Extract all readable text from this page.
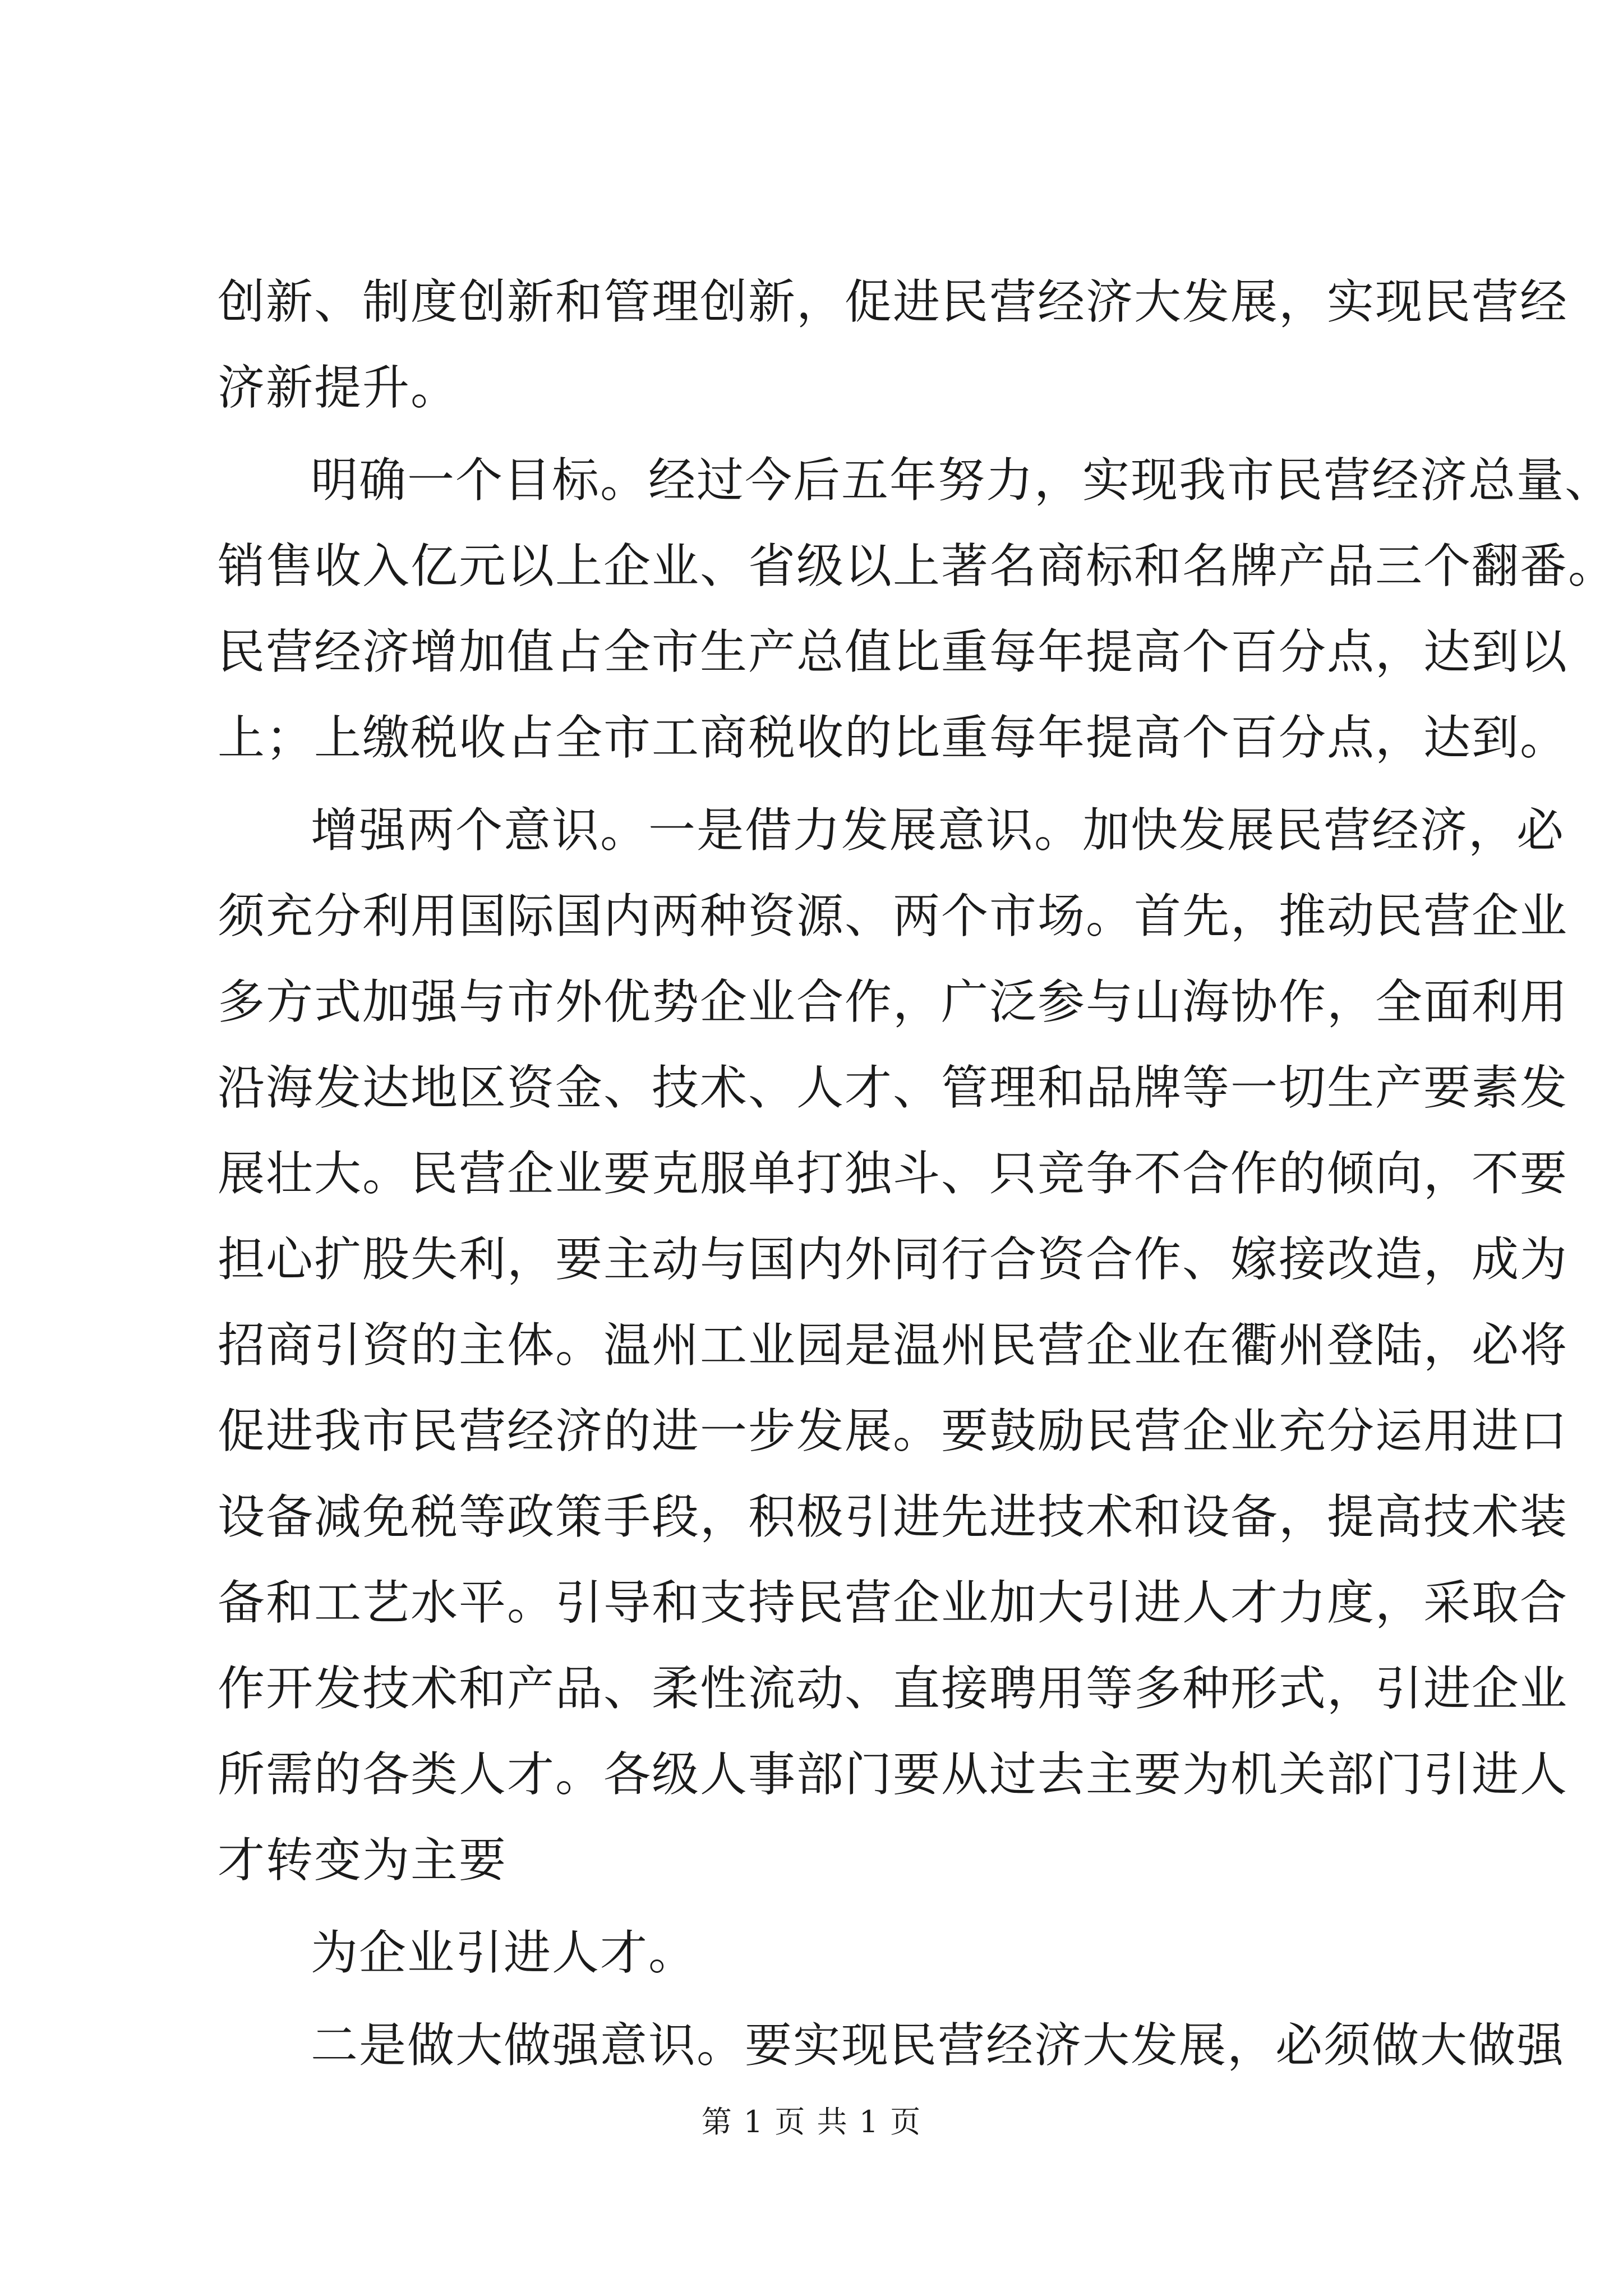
创新、制度创新和管理创新，促进民营经济大发展，实现民营经
济新提升。
明确一个目标。经过今后五年努力，实现我市民营经济总量、
销售收入亿元以上企业、省级以上著名商标和名牌产品三个翻番。
民营经济增加值占全市生产总值比重每年提高个百分点，达到以
上；上缴税收占全市工商税收的比重每年提高个百分点，达到。
增强两个意识。一是借力发展意识。加快发展民营经济，必
须充分利用国际国内两种资源、两个市场。首先，推动民营企业
多方式加强与市外优势企业合作，广泛参与山海协作，全面利用
沿海发达地区资金、技术、人才、管理和品牌等一切生产要素发
展壮大。民营企业要克服单打独斗、只竞争不合作的倾向，不要
担心扩股失利，要主动与国内外同行合资合作、嫁接改造，成为
招商引资的主体。温州工业园是温州民营企业在衢州登陆，必将
促进我市民营经济的进一步发展。要鼓励民营企业充分运用进口
设备减免税等政策手段，积极引进先进技术和设备，提高技术装
备和工艺水平。引导和支持民营企业加大引进人才力度，采取合
作开发技术和产品、柔性流动、直接聘用等多种形式，引进企业
所需的各类人才。各级人事部门要从过去主要为机关部门引进人
才转变为主要
为企业引进人才。
二是做大做强意识。要实现民营经济大发展，必须做大做强
第 1 页 共 1 页
